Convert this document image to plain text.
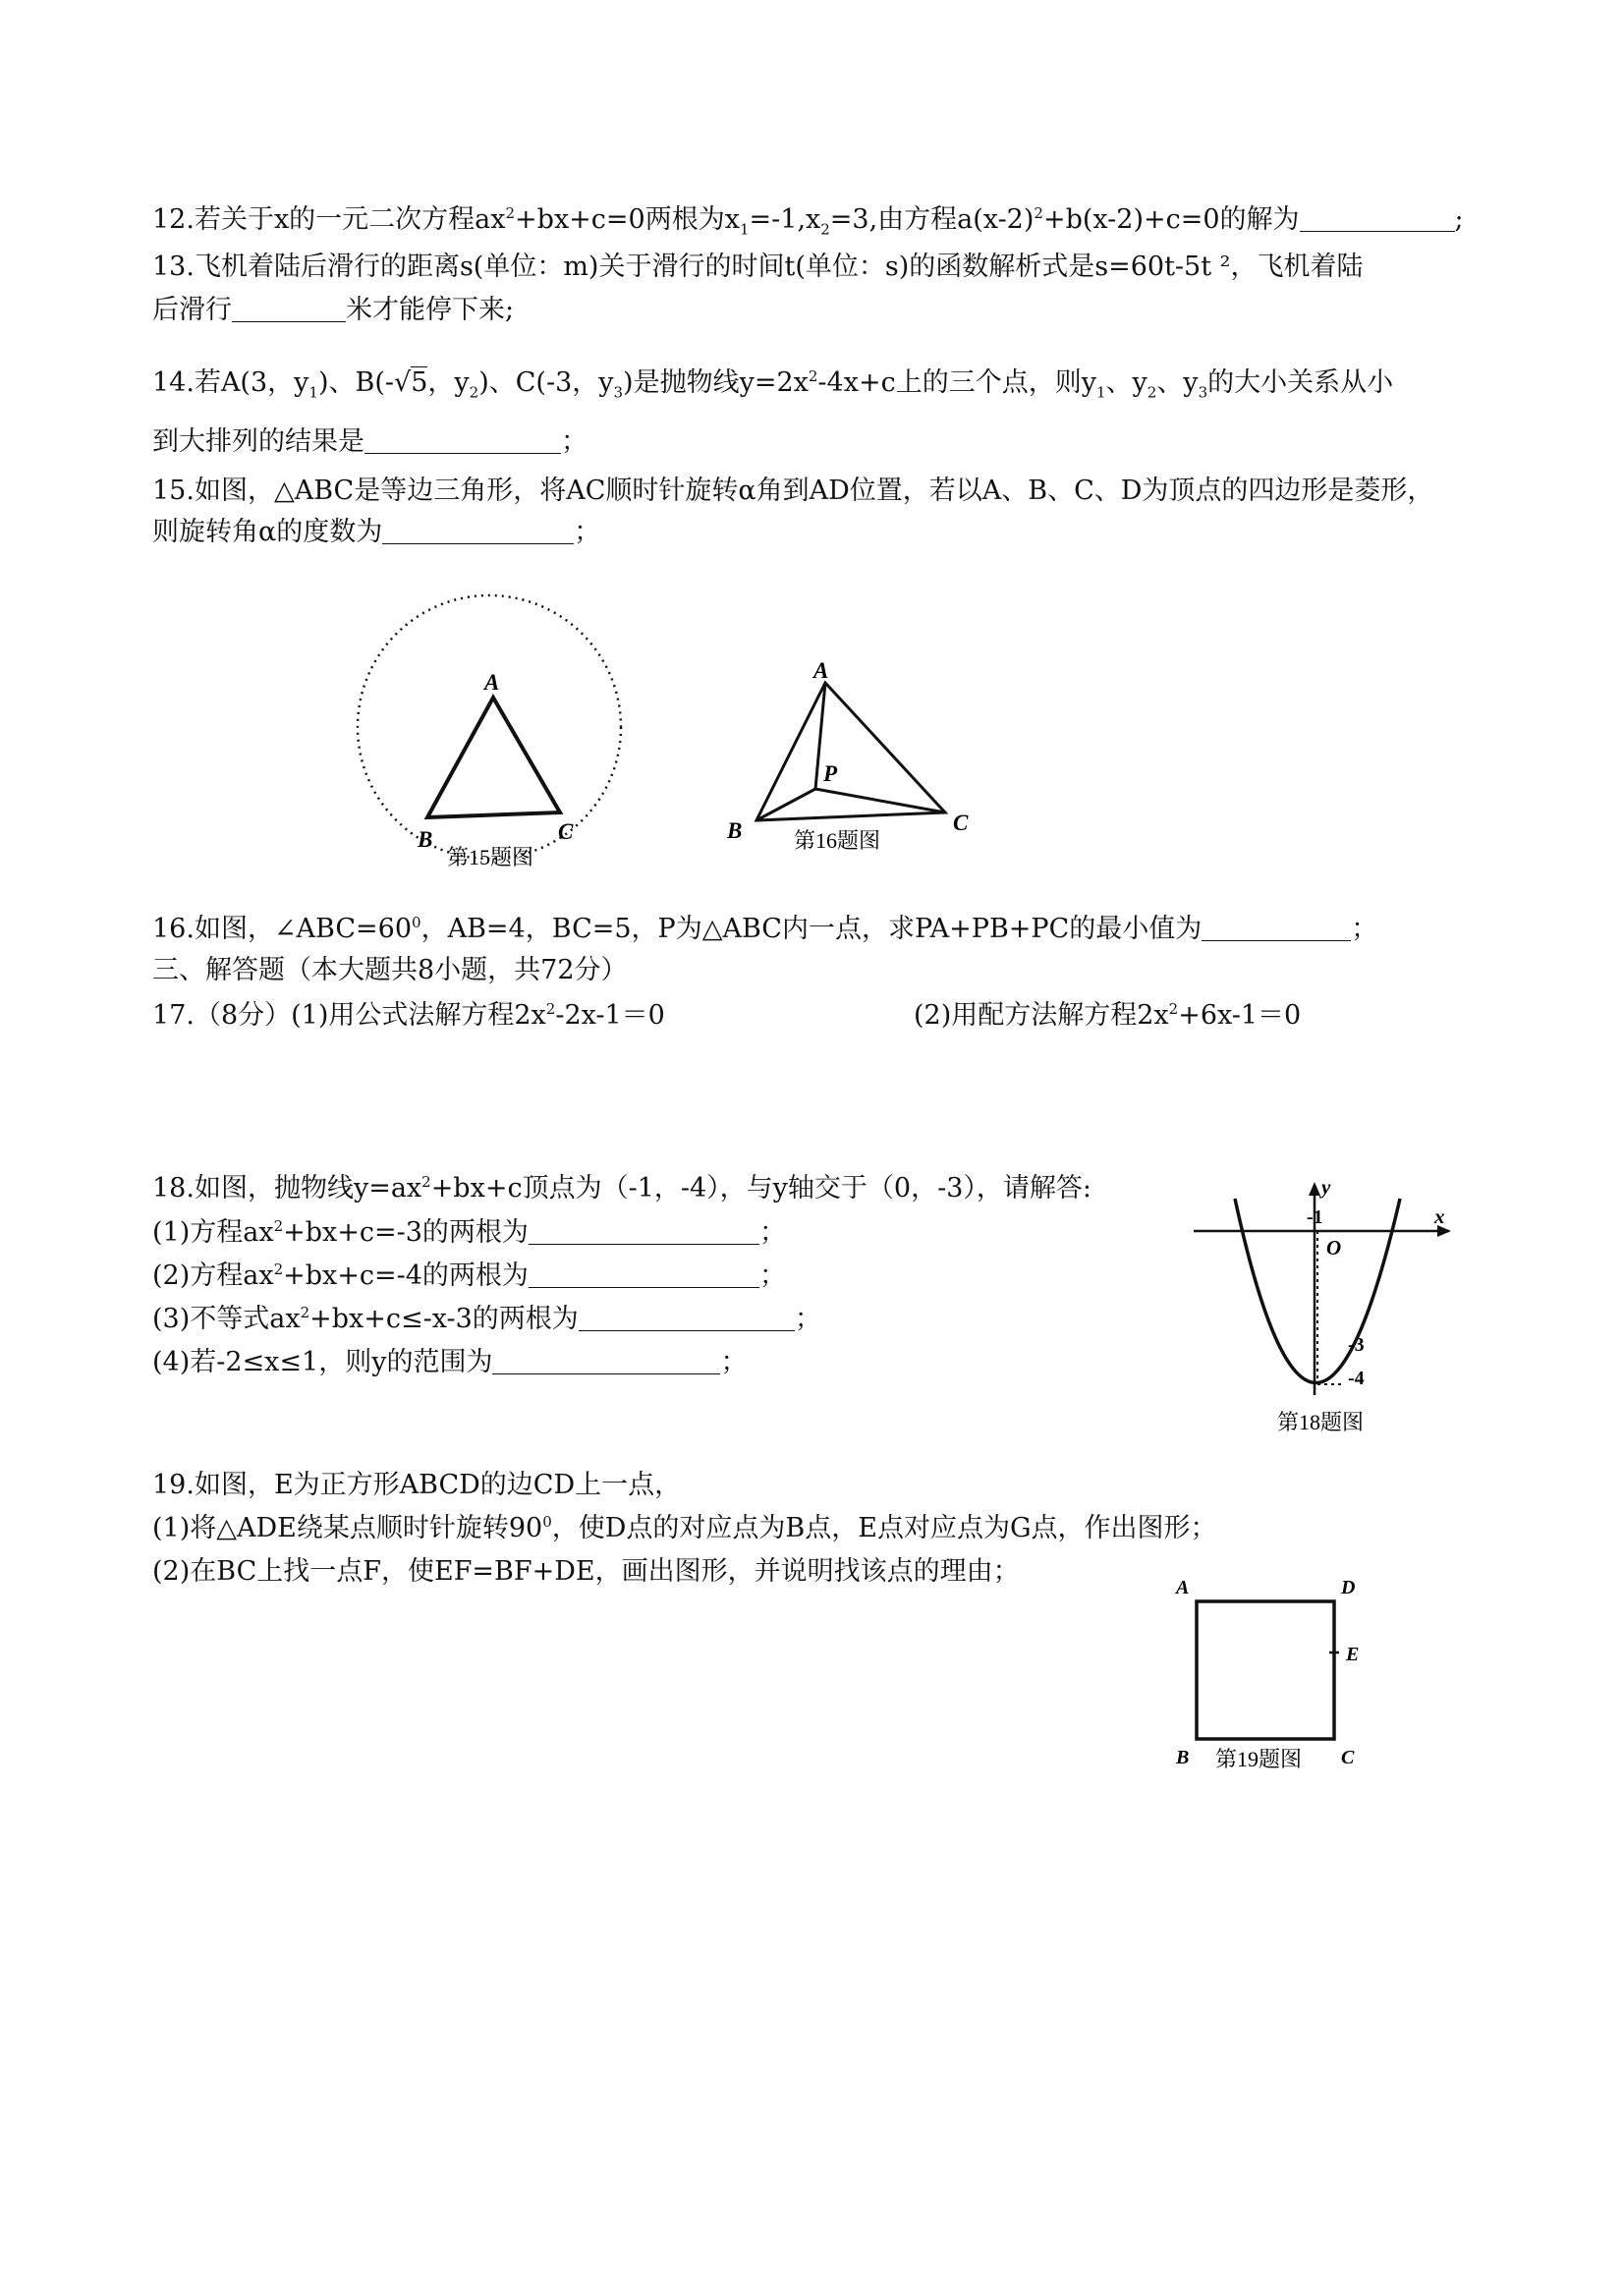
12.若关于x的一元二次方程$ax^2+bx+c=0$两根为$x_1=-1,x_2=3$,由方程$a(x-2)^2+b(x-2)+c=0$的解为	;
13.飞机着陆后滑行的距离s(单位：m)关于滑行的时间t(单位：s)的函数解析式是s=60t-5t ²，飞机着陆
后滑行	米才能停下来;
14.若A(3，$y_1$)、B(-√5，$y_2$)、C(-3，$y_3$)是抛物线$y=2x^2-4x+c$上的三个点，则$y_1$、$y_2$、$y_3$的大小关系从小
到大排列的结果是	；
15.如图，△ABC是等边三角形，将AC顺时针旋转α角到AD位置，若以A、B、C、D为顶点的四边形是菱形，
则旋转角α的度数为	；
A
B	C
第15题图
A
P
B	C
第16题图
16.如图，$\angle ABC=60^0$，AB=4，BC=5，P为△ABC内一点，求PA+PB+PC的最小值为	；
三、解答题（本大题共8小题，共72分）
17.（8分）(1)用公式法解方程$2x^2-2x-1=0$	(2)用配方法解方程$2x^2+6x-1=0$
18.如图，抛物线$y=ax^2+bx+c$顶点为（-1，-4），与y轴交于（0，-3），请解答:
(1)方程$ax^2+bx+c=-3$的两根为	；
(2)方程$ax^2+bx+c=-4$的两根为	；
(3)不等式$ax^2+bx+c\le-x-3$的两根为	；
(4)若-2≤x≤1，则y的范围为	；
y
x
-1
O
-3
-4
第18题图
19.如图，E为正方形ABCD的边CD上一点，
(1)将△ADE绕某点顺时针旋转$90^0$，使D点的对应点为B点，E点对应点为G点，作出图形；
(2)在BC上找一点F，使EF=BF+DE，画出图形，并说明找该点的理由；
A	D
E
B	C
第19题图
